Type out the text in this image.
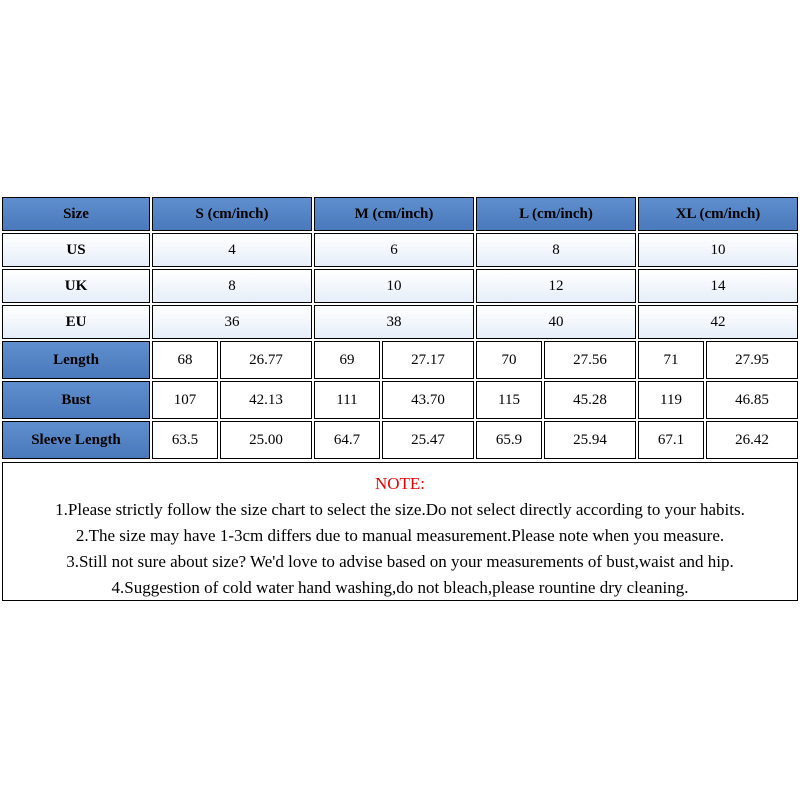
Size	S (cm/inch)	M (cm/inch)	L (cm/inch)	XL (cm/inch)
US	4	6	8	10
UK	8	10	12	14
EU	36	38	40	42
Length	68	26.77	69	27.17	70	27.56	71	27.95
Bust	107	42.13	111	43.70	115	45.28	119	46.85
Sleeve Length	63.5	25.00	64.7	25.47	65.9	25.94	67.1	26.42
NOTE:
1.Please strictly follow the size chart to select the size.Do not select directly according to your habits.
2.The size may have 1-3cm differs due to manual measurement.Please note when you measure.
3.Still not sure about size? We'd love to advise based on your measurements of bust,waist and hip.
4.Suggestion of cold water hand washing,do not bleach,please rountine dry cleaning.
